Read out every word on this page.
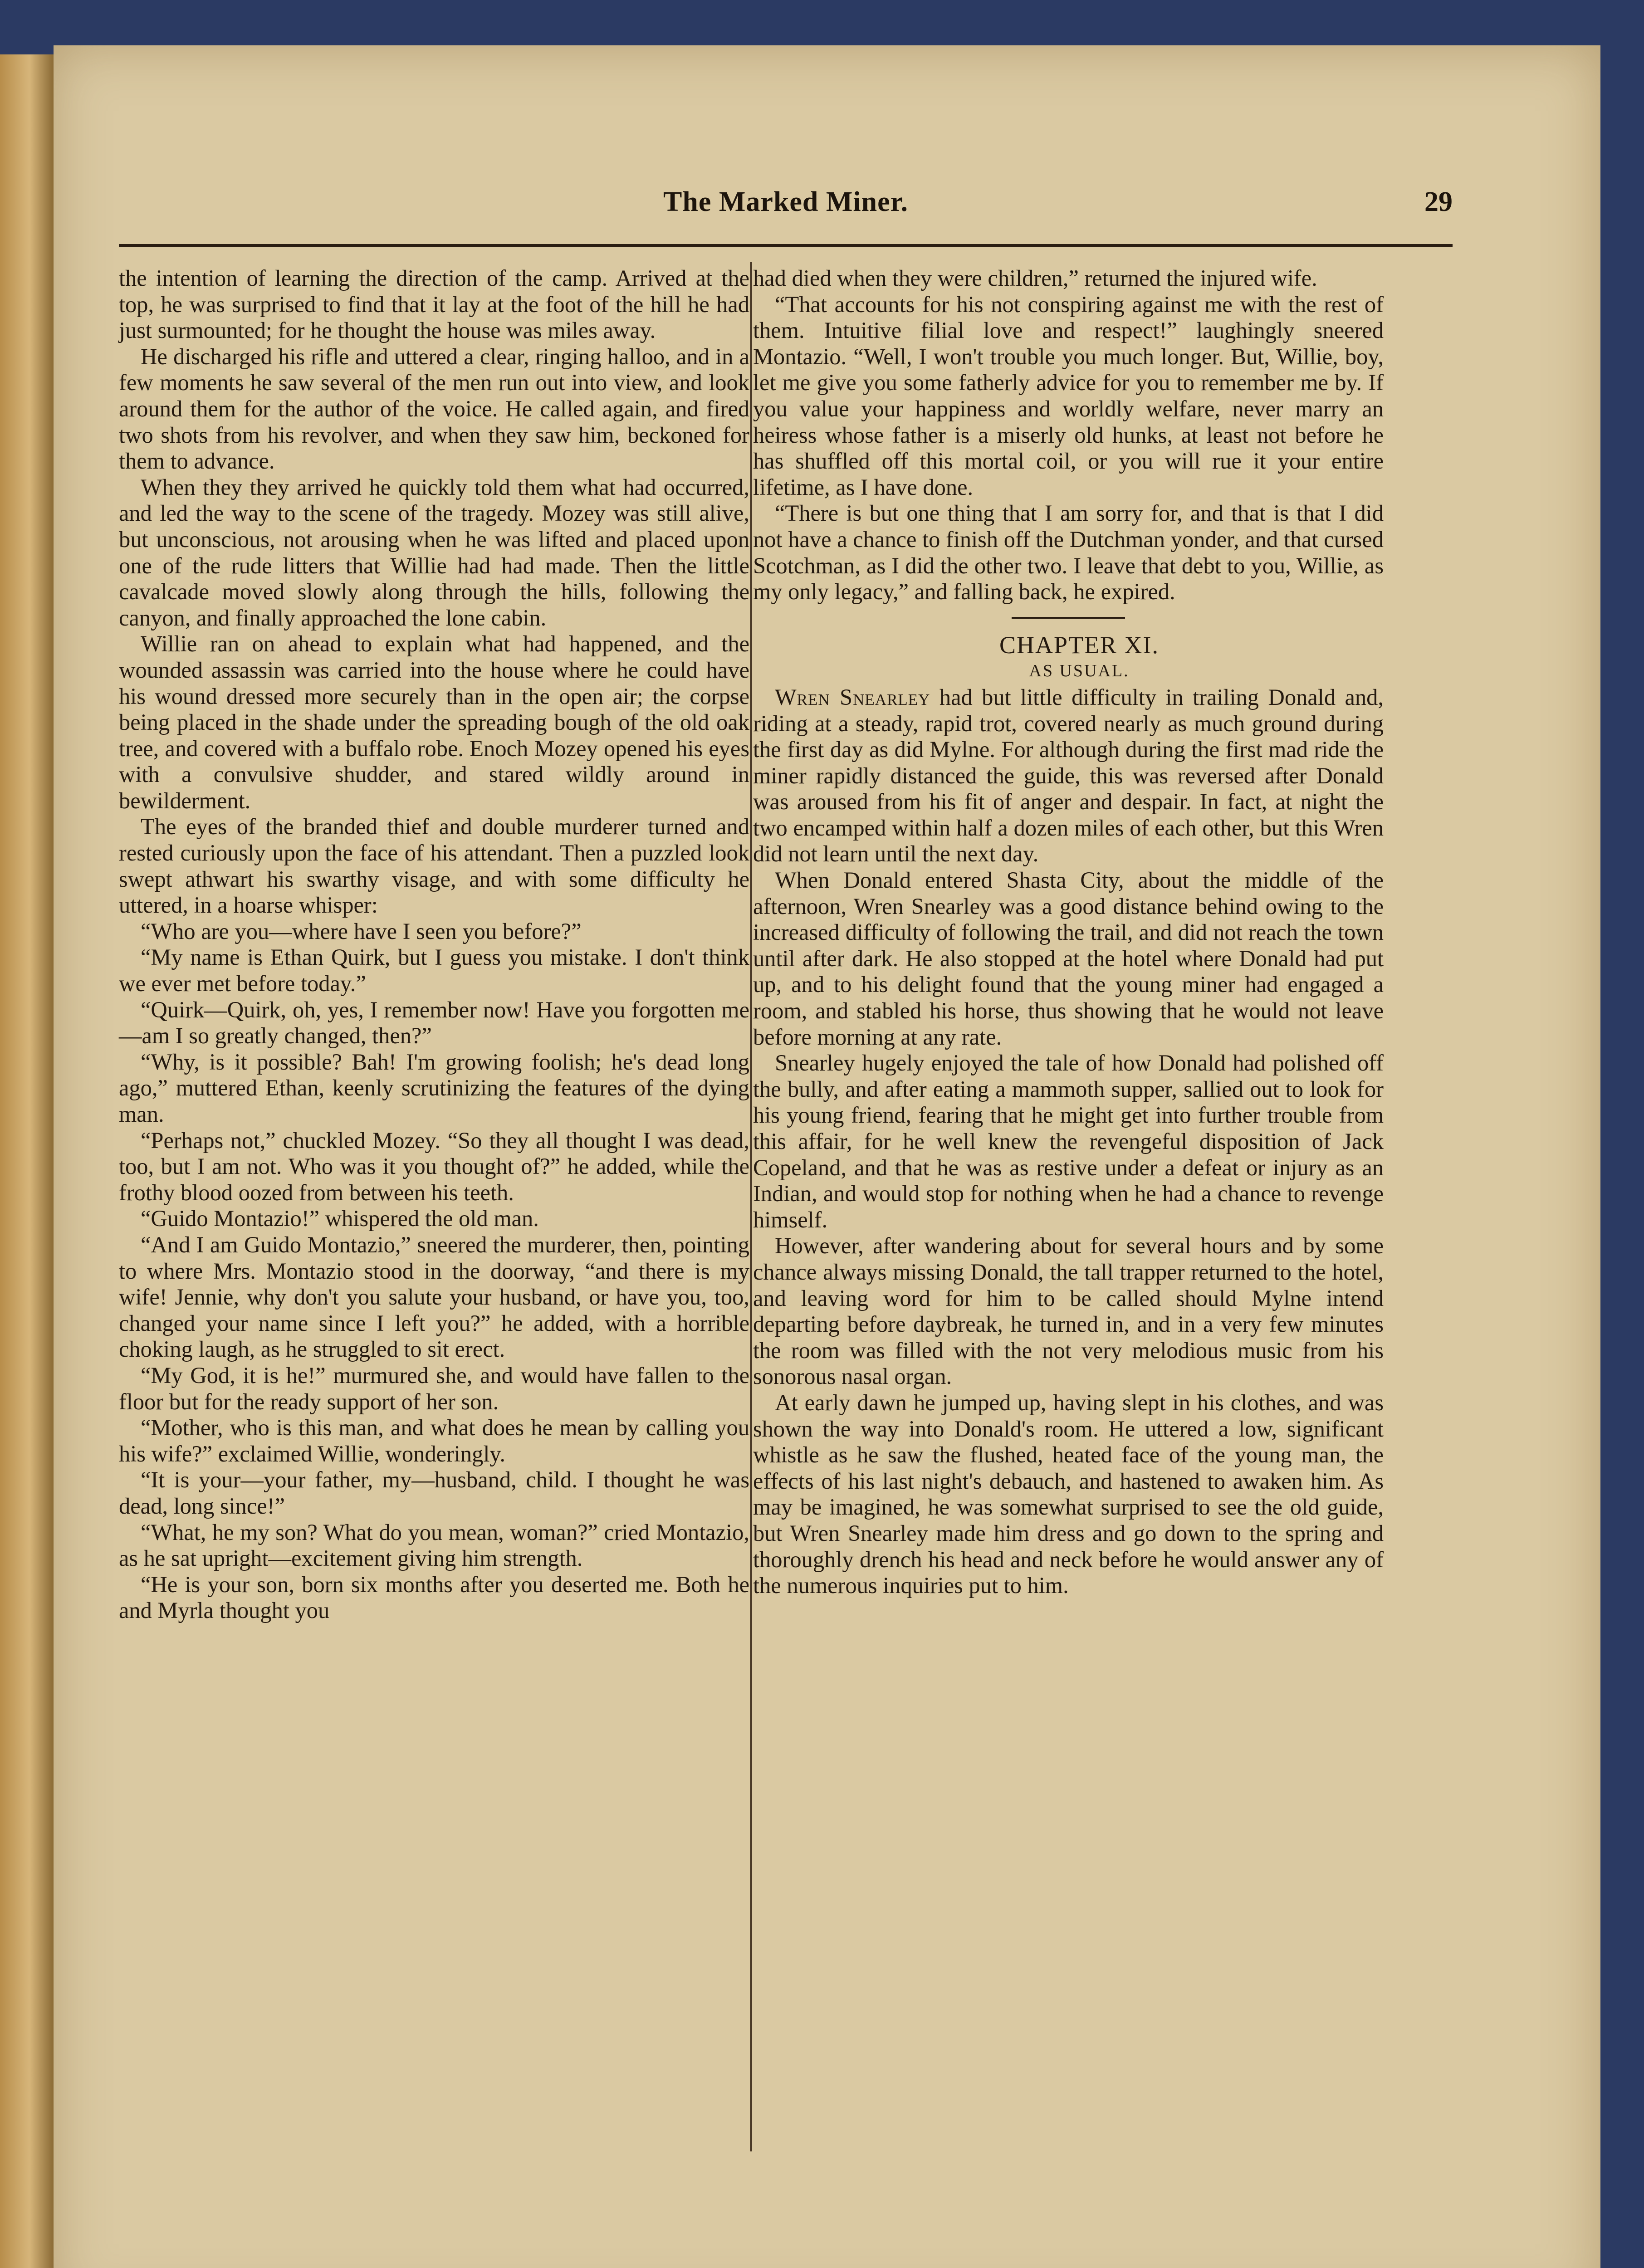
The Marked Miner.	29

the intention of learning the direction of the camp. Arrived at the top, he was surprised to find that it lay at the foot of the hill he had just surmounted; for he thought the house was miles away.

He discharged his rifle and uttered a clear, ringing halloo, and in a few moments he saw several of the men run out into view, and look around them for the author of the voice. He called again, and fired two shots from his revolver, and when they saw him, beckoned for them to advance.

When they they arrived he quickly told them what had occurred, and led the way to the scene of the tragedy. Mozey was still alive, but unconscious, not arousing when he was lifted and placed upon one of the rude litters that Willie had had made. Then the little cavalcade moved slowly along through the hills, following the canyon, and finally approached the lone cabin.

Willie ran on ahead to explain what had happened, and the wounded assassin was carried into the house where he could have his wound dressed more securely than in the open air; the corpse being placed in the shade under the spreading bough of the old oak tree, and covered with a buffalo robe. Enoch Mozey opened his eyes with a convulsive shudder, and stared wildly around in bewilderment.

The eyes of the branded thief and double murderer turned and rested curiously upon the face of his attendant. Then a puzzled look swept athwart his swarthy visage, and with some difficulty he uttered, in a hoarse whisper:

“Who are you—where have I seen you before?”

“My name is Ethan Quirk, but I guess you mistake. I don't think we ever met before today.”

“Quirk—Quirk, oh, yes, I remember now! Have you forgotten me—am I so greatly changed, then?”

“Why, is it possible? Bah! I'm growing foolish; he's dead long ago,” muttered Ethan, keenly scrutinizing the features of the dying man.

“Perhaps not,” chuckled Mozey. “So they all thought I was dead, too, but I am not. Who was it you thought of?” he added, while the frothy blood oozed from between his teeth.

“Guido Montazio!” whispered the old man.

“And I am Guido Montazio,” sneered the murderer, then, pointing to where Mrs. Montazio stood in the doorway, “and there is my wife! Jennie, why don't you salute your husband, or have you, too, changed your name since I left you?” he added, with a horrible choking laugh, as he struggled to sit erect.

“My God, it is he!” murmured she, and would have fallen to the floor but for the ready support of her son.

“Mother, who is this man, and what does he mean by calling you his wife?” exclaimed Willie, wonderingly.

“It is your—your father, my—husband, child. I thought he was dead, long since!”

“What, he my son? What do you mean, woman?” cried Montazio, as he sat upright—excitement giving him strength.

“He is your son, born six months after you deserted me. Both he and Myrla thought you

had died when they were children,” returned the injured wife.

“That accounts for his not conspiring against me with the rest of them. Intuitive filial love and respect!” laughingly sneered Montazio. “Well, I won't trouble you much longer. But, Willie, boy, let me give you some fatherly advice for you to remember me by. If you value your happiness and worldly welfare, never marry an heiress whose father is a miserly old hunks, at least not before he has shuffled off this mortal coil, or you will rue it your entire lifetime, as I have done.

“There is but one thing that I am sorry for, and that is that I did not have a chance to finish off the Dutchman yonder, and that cursed Scotchman, as I did the other two. I leave that debt to you, Willie, as my only legacy,” and falling back, he expired.

CHAPTER XI.

AS USUAL.

Wren Snearley had but little difficulty in trailing Donald and, riding at a steady, rapid trot, covered nearly as much ground during the first day as did Mylne. For although during the first mad ride the miner rapidly distanced the guide, this was reversed after Donald was aroused from his fit of anger and despair. In fact, at night the two encamped within half a dozen miles of each other, but this Wren did not learn until the next day.

When Donald entered Shasta City, about the middle of the afternoon, Wren Snearley was a good distance behind owing to the increased difficulty of following the trail, and did not reach the town until after dark. He also stopped at the hotel where Donald had put up, and to his delight found that the young miner had engaged a room, and stabled his horse, thus showing that he would not leave before morning at any rate.

Snearley hugely enjoyed the tale of how Donald had polished off the bully, and after eating a mammoth supper, sallied out to look for his young friend, fearing that he might get into further trouble from this affair, for he well knew the revengeful disposition of Jack Copeland, and that he was as restive under a defeat or injury as an Indian, and would stop for nothing when he had a chance to revenge himself.

However, after wandering about for several hours and by some chance always missing Donald, the tall trapper returned to the hotel, and leaving word for him to be called should Mylne intend departing before daybreak, he turned in, and in a very few minutes the room was filled with the not very melodious music from his sonorous nasal organ.

At early dawn he jumped up, having slept in his clothes, and was shown the way into Donald's room. He uttered a low, significant whistle as he saw the flushed, heated face of the young man, the effects of his last night's debauch, and hastened to awaken him. As may be imagined, he was somewhat surprised to see the old guide, but Wren Snearley made him dress and go down to the spring and thoroughly drench his head and neck before he would answer any of the numerous inquiries put to him.
